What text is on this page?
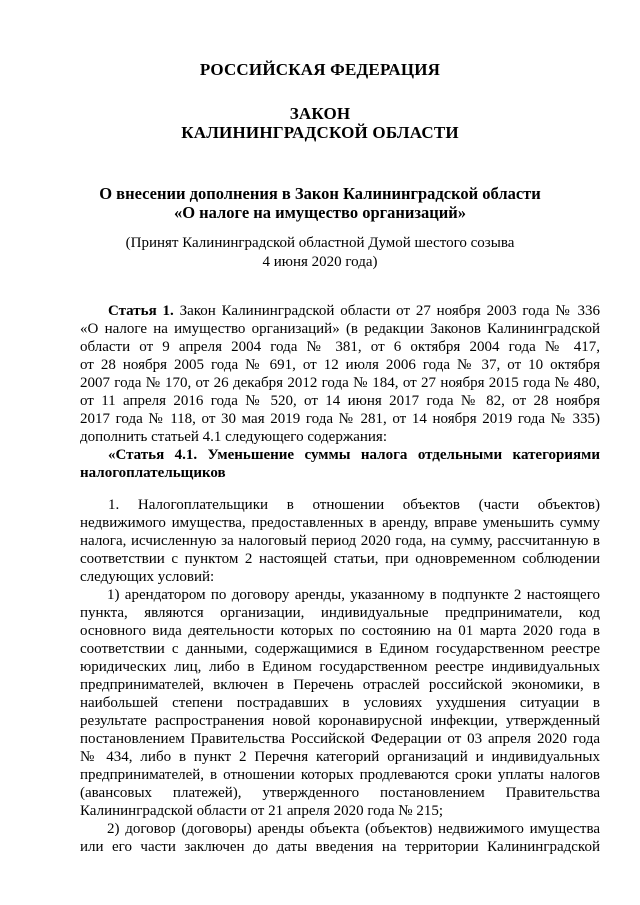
РОССИЙСКАЯ ФЕДЕРАЦИЯ
ЗАКОН
КАЛИНИНГРАДСКОЙ ОБЛАСТИ
О внесении дополнения в Закон Калининградской области
«О налоге на имущество организаций»
(Принят Калининградской областной Думой шестого созыва
4 июня 2020 года)
Статья 1. Закон Калининградской области от 27 ноября 2003 года № 336
«О налоге на имущество организаций» (в редакции Законов Калининградской
области от 9 апреля 2004 года № 381, от 6 октября 2004 года № 417,
от 28 ноября 2005 года № 691, от 12 июля 2006 года № 37, от 10 октября
2007 года № 170, от 26 декабря 2012 года № 184, от 27 ноября 2015 года № 480,
от 11 апреля 2016 года № 520, от 14 июня 2017 года № 82, от 28 ноября
2017 года № 118, от 30 мая 2019 года № 281, от 14 ноября 2019 года № 335)
дополнить статьей 4.1 следующего содержания:
«Статья 4.1. Уменьшение суммы налога отдельными категориями
налогоплательщиков
1. Налогоплательщики в отношении объектов (части объектов)
недвижимого имущества, предоставленных в аренду, вправе уменьшить сумму
налога, исчисленную за налоговый период 2020 года, на сумму, рассчитанную в
соответствии с пунктом 2 настоящей статьи, при одновременном соблюдении
следующих условий:
1) арендатором по договору аренды, указанному в подпункте 2 настоящего
пункта, являются организации, индивидуальные предприниматели, код
основного вида деятельности которых по состоянию на 01 марта 2020 года в
соответствии с данными, содержащимися в Едином государственном реестре
юридических лиц, либо в Едином государственном реестре индивидуальных
предпринимателей, включен в Перечень отраслей российской экономики, в
наибольшей степени пострадавших в условиях ухудшения ситуации в
результате распространения новой коронавирусной инфекции, утвержденный
постановлением Правительства Российской Федерации от 03 апреля 2020 года
№ 434, либо в пункт 2 Перечня категорий организаций и индивидуальных
предпринимателей, в отношении которых продлеваются сроки уплаты налогов
(авансовых платежей), утвержденного постановлением Правительства
Калининградской области от 21 апреля 2020 года № 215;
2) договор (договоры) аренды объекта (объектов) недвижимого имущества
или его части заключен до даты введения на территории Калининградской
